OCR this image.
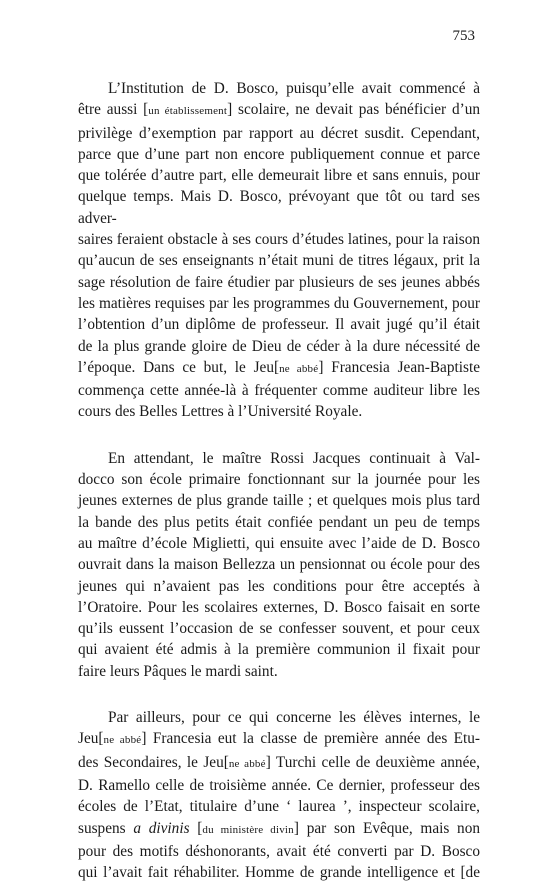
753
L’Institution de D. Bosco, puisqu’elle avait commencé à
être aussi [un établissement] scolaire, ne devait pas bénéficier d’un
privilège d’exemption par rapport au décret susdit. Cependant,
parce que d’une part non encore publiquement connue et parce
que tolérée d’autre part, elle demeurait libre et sans ennuis, pour
quelque temps. Mais D. Bosco, prévoyant que tôt ou tard ses adver-
saires feraient obstacle à ses cours d’études latines, pour la raison
qu’aucun de ses enseignants n’était muni de titres légaux, prit la
sage résolution de faire étudier par plusieurs de ses jeunes abbés
les matières requises par les programmes du Gouvernement, pour
l’obtention d’un diplôme de professeur. Il avait jugé qu’il était
de la plus grande gloire de Dieu de céder à la dure nécessité de
l’époque. Dans ce but, le Jeu[ne abbé] Francesia Jean-Baptiste
commença cette année-là à fréquenter comme auditeur libre les
cours des Belles Lettres à l’Université Royale.
En attendant, le maître Rossi Jacques continuait à Val-
docco son école primaire fonctionnant sur la journée pour les
jeunes externes de plus grande taille ; et quelques mois plus tard
la bande des plus petits était confiée pendant un peu de temps
au maître d’école Miglietti, qui ensuite avec l’aide de D. Bosco
ouvrait dans la maison Bellezza un pensionnat ou école pour des
jeunes qui n’avaient pas les conditions pour être acceptés à
l’Oratoire. Pour les scolaires externes, D. Bosco faisait en sorte
qu’ils eussent l’occasion de se confesser souvent, et pour ceux
qui avaient été admis à la première communion il fixait pour
faire leurs Pâques le mardi saint.
Par ailleurs, pour ce qui concerne les élèves internes, le
Jeu[ne abbé] Francesia eut la classe de première année des Etu-
des Secondaires, le Jeu[ne abbé] Turchi celle de deuxième année,
D. Ramello celle de troisième année. Ce dernier, professeur des
écoles de l’Etat, titulaire d’une ‘ laurea ’, inspecteur scolaire,
suspens a divinis [du ministère divin] par son Evêque, mais non
pour des motifs déshonorants, avait été converti par D. Bosco
qui l’avait fait réhabiliter. Homme de grande intelligence et [de
